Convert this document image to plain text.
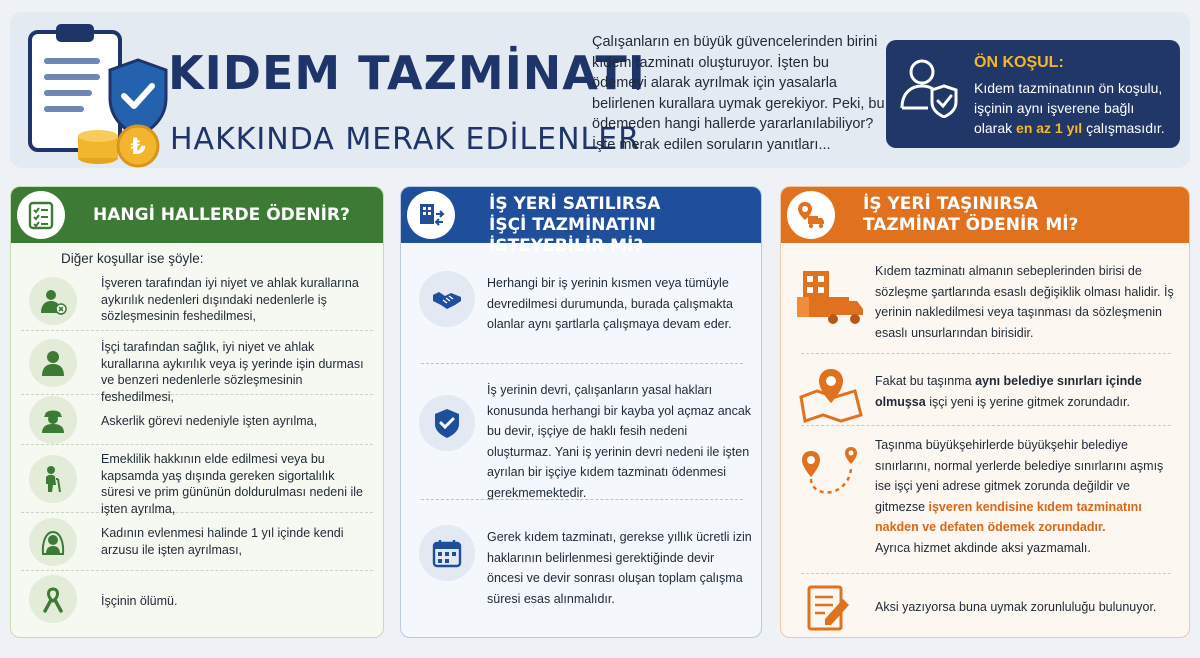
₺
KIDEM TAZMİNATI
HAKKINDA MERAK EDİLENLER
Çalışanların en büyük güvencelerinden birini kıdem tazminatı oluşturuyor. İşten bu ödemeyi alarak ayrılmak için yasalarla belirlenen kurallara uymak gerekiyor. Peki, bu ödemeden hangi hallerde yararlanılabiliyor? İşte merak edilen soruların yanıtları...
ÖN KOŞUL:
Kıdem tazminatının ön koşulu, işçinin aynı işverene bağlı olarak en az 1 yıl çalışmasıdır.
HANGİ HALLERDE ÖDENİR?
Diğer koşullar ise şöyle:
İşveren tarafından iyi niyet ve ahlak kurallarına aykırılık nedenleri dışındaki nedenlerle iş sözleşmesinin feshedilmesi,
İşçi tarafından sağlık, iyi niyet ve ahlak kurallarına aykırılık veya iş yerinde işin durması ve benzeri nedenlerle sözleşmesinin feshedilmesi,
Askerlik görevi nedeniyle işten ayrılma,
Emeklilik hakkının elde edilmesi veya bu kapsamda yaş dışında gereken sigortalılık süresi ve prim gününün doldurulması nedeni ile işten ayrılma,
Kadının evlenmesi halinde 1 yıl içinde kendi arzusu ile işten ayrılması,
İşçinin ölümü.
İŞ YERİ SATILIRSA
İŞÇİ TAZMİNATINI İSTEYEBİLİR Mİ?
Herhangi bir iş yerinin kısmen veya tümüyle devredilmesi durumunda, burada çalışmakta olanlar aynı şartlarla çalışmaya devam eder.
İş yerinin devri, çalışanların yasal hakları konusunda herhangi bir kayba yol açmaz ancak bu devir, işçiye de haklı fesih nedeni oluşturmaz. Yani iş yerinin devri nedeni ile işten ayrılan bir işçiye kıdem tazminatı ödenmesi gerekmemektedir.
Gerek kıdem tazminatı, gerekse yıllık ücretli izin haklarının belirlenmesi gerektiğinde devir öncesi ve devir sonrası oluşan toplam çalışma süresi esas alınmalıdır.
İŞ YERİ TAŞINIRSA
TAZMİNAT ÖDENİR Mİ?
Kıdem tazminatı almanın sebeplerinden birisi de sözleşme şartlarında esaslı değişiklik olması halidir. İş yerinin nakledilmesi veya taşınması da sözleşmenin esaslı unsurlarından birisidir.
Fakat bu taşınma aynı belediye sınırları içinde olmuşsa işçi yeni iş yerine gitmek zorundadır.
Taşınma büyükşehirlerde büyükşehir belediye sınırlarını, normal yerlerde belediye sınırlarını aşmış ise işçi yeni adrese gitmek zorunda değildir ve gitmezse işveren kendisine kıdem tazminatını nakden ve defaten ödemek zorundadır.
Ayrıca hizmet akdinde aksi yazmamalı.
Aksi yazıyorsa buna uymak zorunluluğu bulunuyor.
